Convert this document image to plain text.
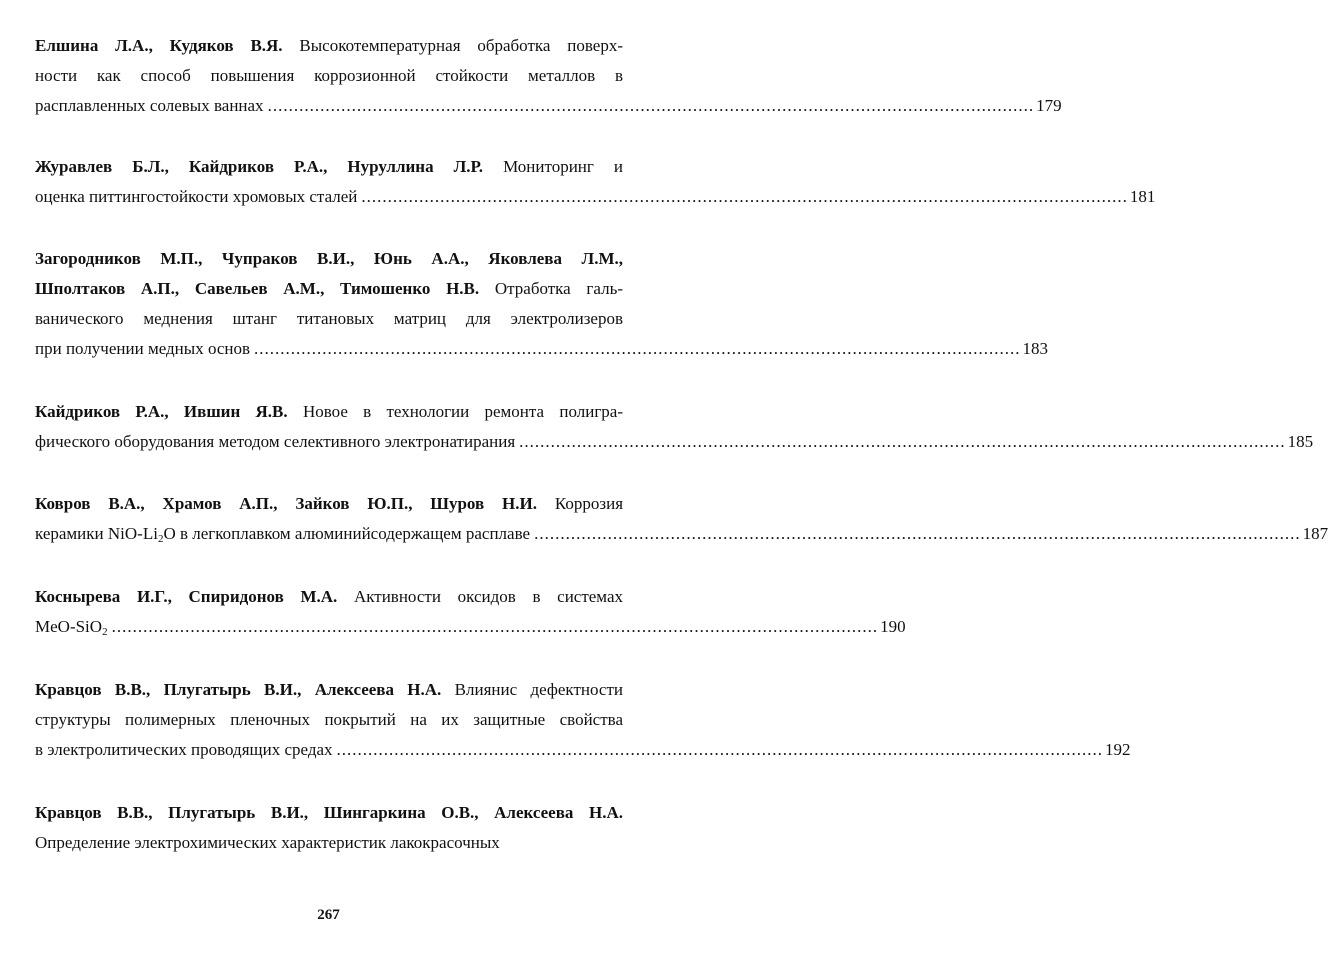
Елшина Л.А., Кудяков В.Я. Высокотемпературная обработка поверх-
ности как способ повышения коррозионной стойкости металлов в
расплавленных солевых ваннах .................................................................................................................................................. 179
Журавлев Б.Л., Кайдриков Р.А., Нуруллина Л.Р. Мониторинг и
оценка питтингостойкости хромовых сталей .................................................................................................................................................. 181
Загородников М.П., Чупраков В.И., Юнь А.А., Яковлева Л.М.,
Шполтаков А.П., Савельев А.М., Тимошенко Н.В. Отработка галь-
ванического меднения штанг титановых матриц для электролизеров
при получении медных основ .................................................................................................................................................. 183
Кайдриков Р.А., Ившин Я.В. Новое в технологии ремонта полигра-
фического оборудования методом селективного электронатирания .................................................................................................................................................. 185
Ковров В.А., Храмов А.П., Зайков Ю.П., Шуров Н.И. Коррозия
керамики NiO-$Li_2O$ в легкоплавком алюминийсодержащем расплаве .................................................................................................................................................. 187
Коснырева И.Г., Спиридонов М.А. Активности оксидов в системах
MeO-SiO$_2$ .................................................................................................................................................. 190
Кравцов В.В., Плугатырь В.И., Алексеева Н.А. Влиянис дефектности
структуры полимерных пленочных покрытий на их защитные свойства
в электролитических проводящих средах .................................................................................................................................................. 192
Кравцов В.В., Плугатырь В.И., Шингаркина О.В., Алексеева Н.А.
Определение электрохимических характеристик лакокрасочных
267
